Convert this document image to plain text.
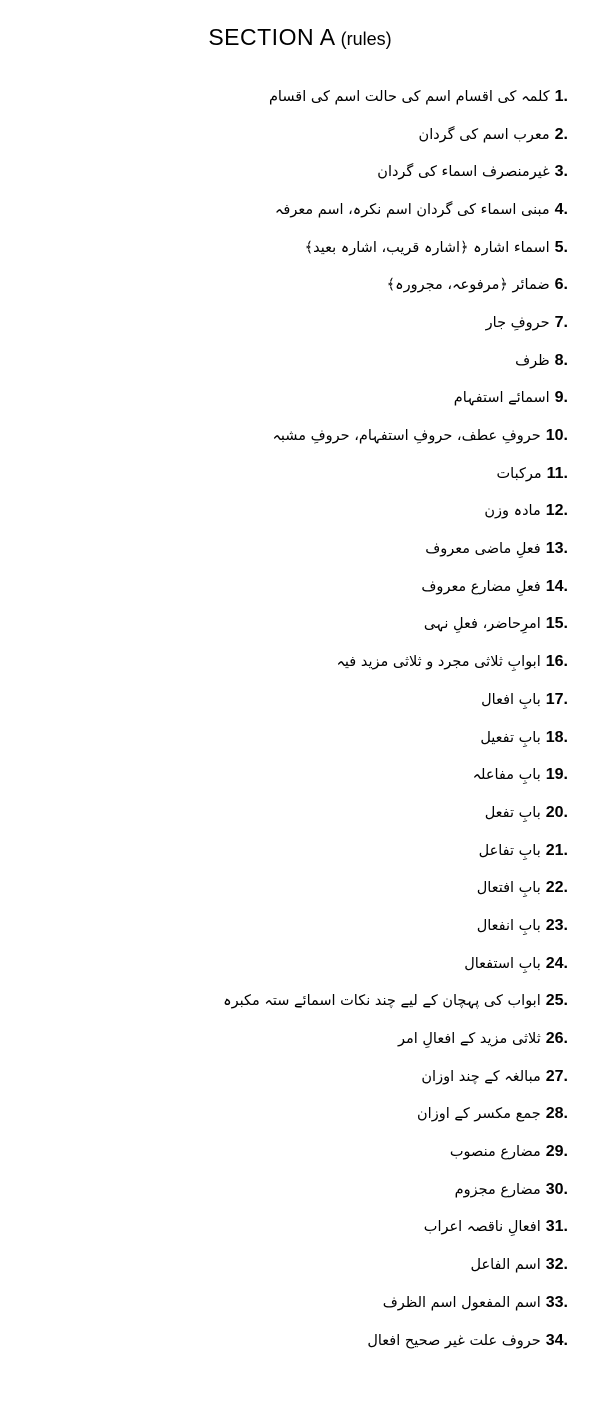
SECTION A (rules)
1.
کلمہ کی اقسام اسم کی حالت اسم کی اقسام
2.
معرب اسم کی گردان
3.
غیرمنصرف اسماء کی گردان
4.
مبنی اسماء کی گردان اسم نکرہ، اسم معرفہ
5.
اسماء اشارہ ﴿اشارہ قریب، اشارہ بعید﴾
6.
ضمائر ﴿مرفوعہ، مجرورہ﴾
7.
حروفِ جار
8.
ظرف
9.
اسمائے استفہام
10.
حروفِ عطف، حروفِ استفہام، حروفِ مشبہ
11.
مرکبات
12.
مادہ وزن
13.
فعلِ ماضی معروف
14.
فعلِ مضارع معروف
15.
امرِحاضر، فعلِ نہی
16.
ابوابِ ثلاثی مجرد و ثلاثی مزید فیہ
17.
بابِ افعال
18.
بابِ تفعیل
19.
بابِ مفاعلہ
20.
بابِ تفعل
21.
بابِ تفاعل
22.
بابِ افتعال
23.
بابِ انفعال
24.
بابِ استفعال
25.
ابواب کی پہچان کے لیے چند نکات اسمائے ستہ مکبرہ
26.
ثلاثی مزید کے افعالِ امر
27.
مبالغہ کے چند اوزان
28.
جمع مکسر کے اوزان
29.
مضارع منصوب
30.
مضارع مجزوم
31.
افعالِ ناقصہ اعراب
32.
اسم الفاعل
33.
اسم المفعول اسم الظرف
34.
حروف علت غیر صحیح افعال
